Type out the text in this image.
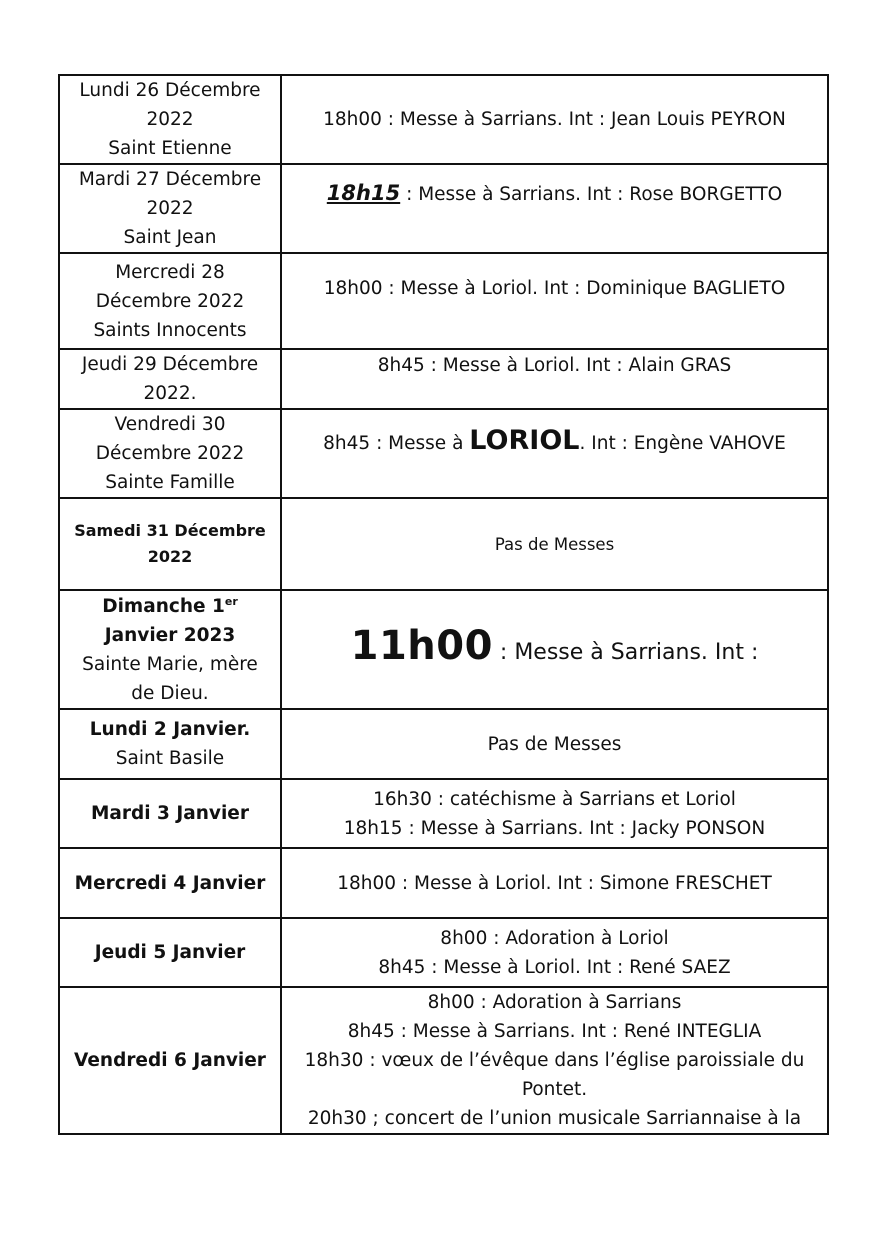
Lundi 26 Décembre
2022
Saint Etienne	18h00 : Messe à Sarrians. Int : Jean Louis PEYRON

Mardi 27 Décembre
2022
Saint Jean	18h15 : Messe à Sarrians. Int : Rose BORGETTO

Mercredi 28
Décembre 2022
Saints Innocents	18h00 : Messe à Loriol. Int : Dominique BAGLIETO

Jeudi 29 Décembre
2022.	8h45 : Messe à Loriol. Int : Alain GRAS

Vendredi 30
Décembre 2022
Sainte Famille	8h45 : Messe à LORIOL. Int : Engène VAHOVE

Samedi 31 Décembre
2022	Pas de Messes

Dimanche 1er
Janvier 2023
Sainte Marie, mère
de Dieu.	11h00 : Messe à Sarrians. Int :

Lundi 2 Janvier.
Saint Basile	Pas de Messes

Mardi 3 Janvier	16h30 : catéchisme à Sarrians et Loriol
18h15 : Messe à Sarrians. Int : Jacky PONSON

Mercredi 4 Janvier	18h00 : Messe à Loriol. Int : Simone FRESCHET

Jeudi 5 Janvier	8h00 : Adoration à Loriol
8h45 : Messe à Loriol. Int : René SAEZ

Vendredi 6 Janvier	8h00 : Adoration à Sarrians
8h45 : Messe à Sarrians. Int : René INTEGLIA
18h30 : vœux de l’évêque dans l’église paroissiale du
Pontet.
20h30 ; concert de l’union musicale Sarriannaise à la
